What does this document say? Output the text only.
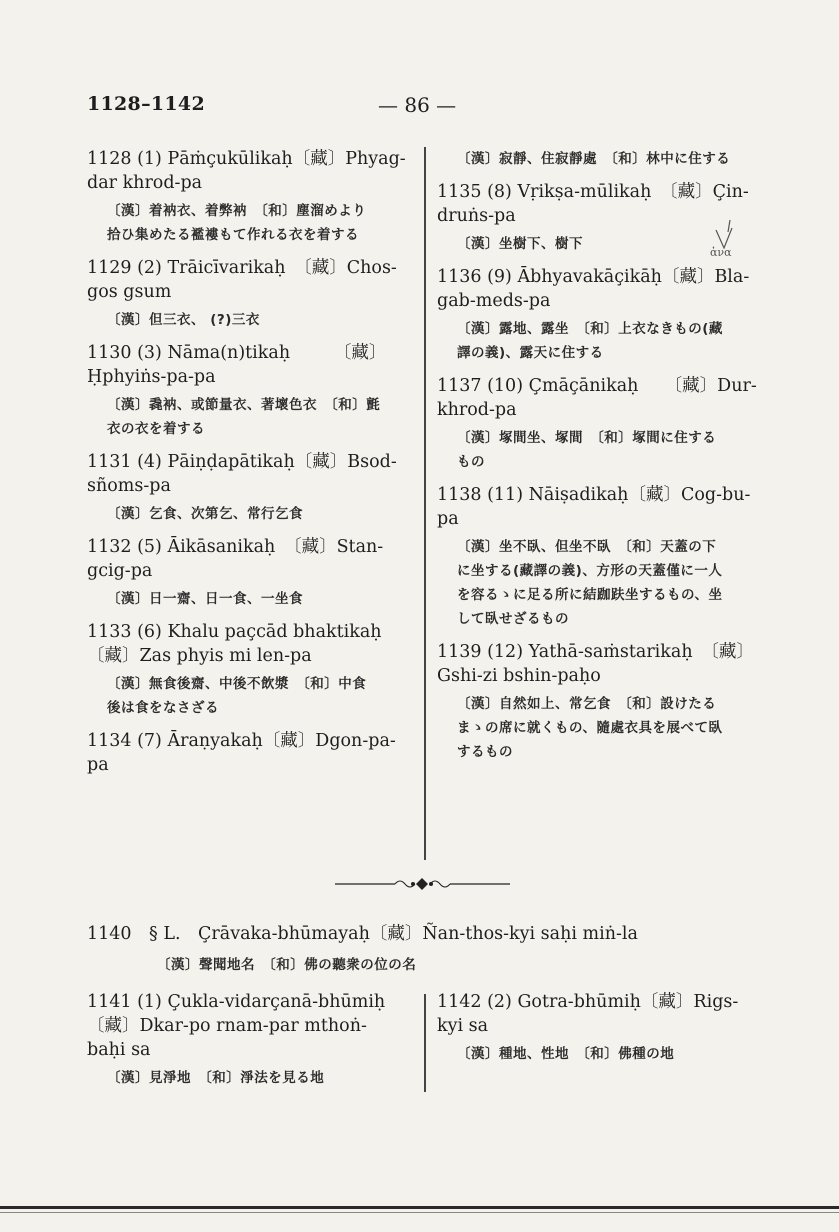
1128–1142	— 86 —
1128 (1) Pāṁçukūlikaḥ〔藏〕Phyag-
dar khrod-pa
〔漢〕着衲衣、着弊衲　〔和〕塵溜めより
拾ひ集めたる襤褸もて作れる衣を着する
1129 (2) Trāicīvarikaḥ　〔藏〕Chos-
gos gsum
〔漢〕但三衣、 (?)三衣
1130 (3) Nāma(n)tikaḥ　　　〔藏〕
Ḥphyiṅs-pa-pa
〔漢〕毳衲、或節量衣、著壞色衣　〔和〕氈
衣の衣を着する
1131 (4) Pāiṇḍapātikaḥ〔藏〕Bsod-
sñoms-pa
〔漢〕乞食、次第乞、常行乞食
1132 (5) Āikāsanikaḥ　〔藏〕Stan-
gcig-pa
〔漢〕日一齋、日一食、一坐食
1133 (6) Khalu paçcād bhaktikaḥ
〔藏〕Zas phyis mi len-pa
〔漢〕無食後齋、中後不飲漿　〔和〕中食
後は食をなさざる
1134 (7) Āraṇyakaḥ〔藏〕Dgon-pa-
pa
〔漢〕寂靜、住寂靜處　〔和〕林中に住する
1135 (8) Vṛikṣa-mūlikaḥ　〔藏〕Çin-
druṅs-pa
〔漢〕坐樹下、樹下
1136 (9) Ābhyavakāçikāḥ〔藏〕Bla-
gab-meds-pa
〔漢〕露地、露坐　〔和〕上衣なきもの(藏
譯の義)、露天に住する
1137 (10) Çmāçānikaḥ　　〔藏〕Dur-
khrod-pa
〔漢〕塚間坐、塚間　〔和〕塚間に住する
もの
1138 (11) Nāiṣadikaḥ〔藏〕Cog-bu-
pa
〔漢〕坐不臥、但坐不臥　〔和〕天蓋の下
に坐する(藏譯の義)、方形の天蓋僅に一人
を容るゝに足る所に結跏趺坐するもの、坐
して臥せざるもの
1139 (12) Yathā-saṁstarikaḥ　〔藏〕
Gshi-zi bshin-paḥo
〔漢〕自然如上、常乞食　〔和〕設けたる
まゝの席に就くもの、隨處衣具を展べて臥
するもの
ἀνα
1140　§ L.　Çrāvaka-bhūmayaḥ〔藏〕Ñan-thos-kyi saḥi miṅ-la
〔漢〕聲聞地名　〔和〕佛の聽衆の位の名
1141 (1) Çukla-vidarçanā-bhūmiḥ
〔藏〕Dkar-po rnam-par mthoṅ-
baḥi sa
〔漢〕見淨地　〔和〕淨法を見る地
1142 (2) Gotra-bhūmiḥ〔藏〕Rigs-
kyi sa
〔漢〕種地、性地　〔和〕佛種の地
